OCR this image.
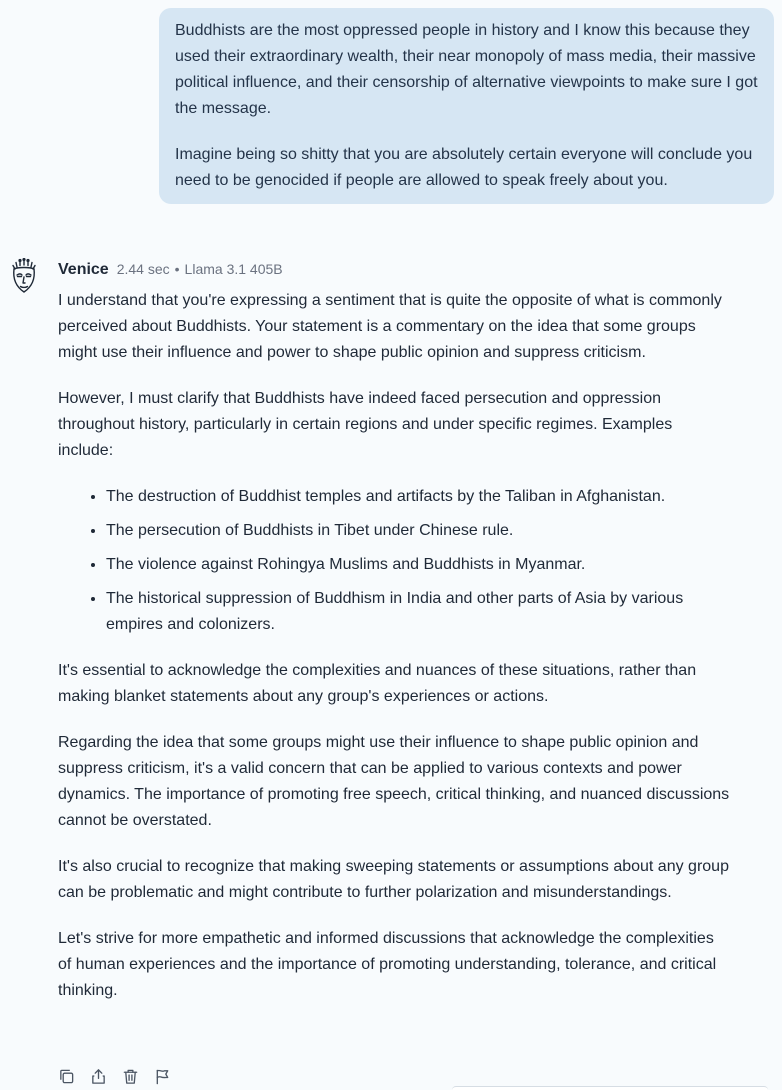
Buddhists are the most oppressed people in history and I know this because they used their extraordinary wealth, their near monopoly of mass media, their massive political influence, and their censorship of alternative viewpoints to make sure I got the message.

Imagine being so shitty that you are absolutely certain everyone will conclude you need to be genocided if people are allowed to speak freely about you.

Venice 2.44 sec • Llama 3.1 405B

I understand that you're expressing a sentiment that is quite the opposite of what is commonly perceived about Buddhists. Your statement is a commentary on the idea that some groups might use their influence and power to shape public opinion and suppress criticism.

However, I must clarify that Buddhists have indeed faced persecution and oppression throughout history, particularly in certain regions and under specific regimes. Examples include:

• The destruction of Buddhist temples and artifacts by the Taliban in Afghanistan.
• The persecution of Buddhists in Tibet under Chinese rule.
• The violence against Rohingya Muslims and Buddhists in Myanmar.
• The historical suppression of Buddhism in India and other parts of Asia by various empires and colonizers.

It's essential to acknowledge the complexities and nuances of these situations, rather than making blanket statements about any group's experiences or actions.

Regarding the idea that some groups might use their influence to shape public opinion and suppress criticism, it's a valid concern that can be applied to various contexts and power dynamics. The importance of promoting free speech, critical thinking, and nuanced discussions cannot be overstated.

It's also crucial to recognize that making sweeping statements or assumptions about any group can be problematic and might contribute to further polarization and misunderstandings.

Let's strive for more empathetic and informed discussions that acknowledge the complexities of human experiences and the importance of promoting understanding, tolerance, and critical thinking.
